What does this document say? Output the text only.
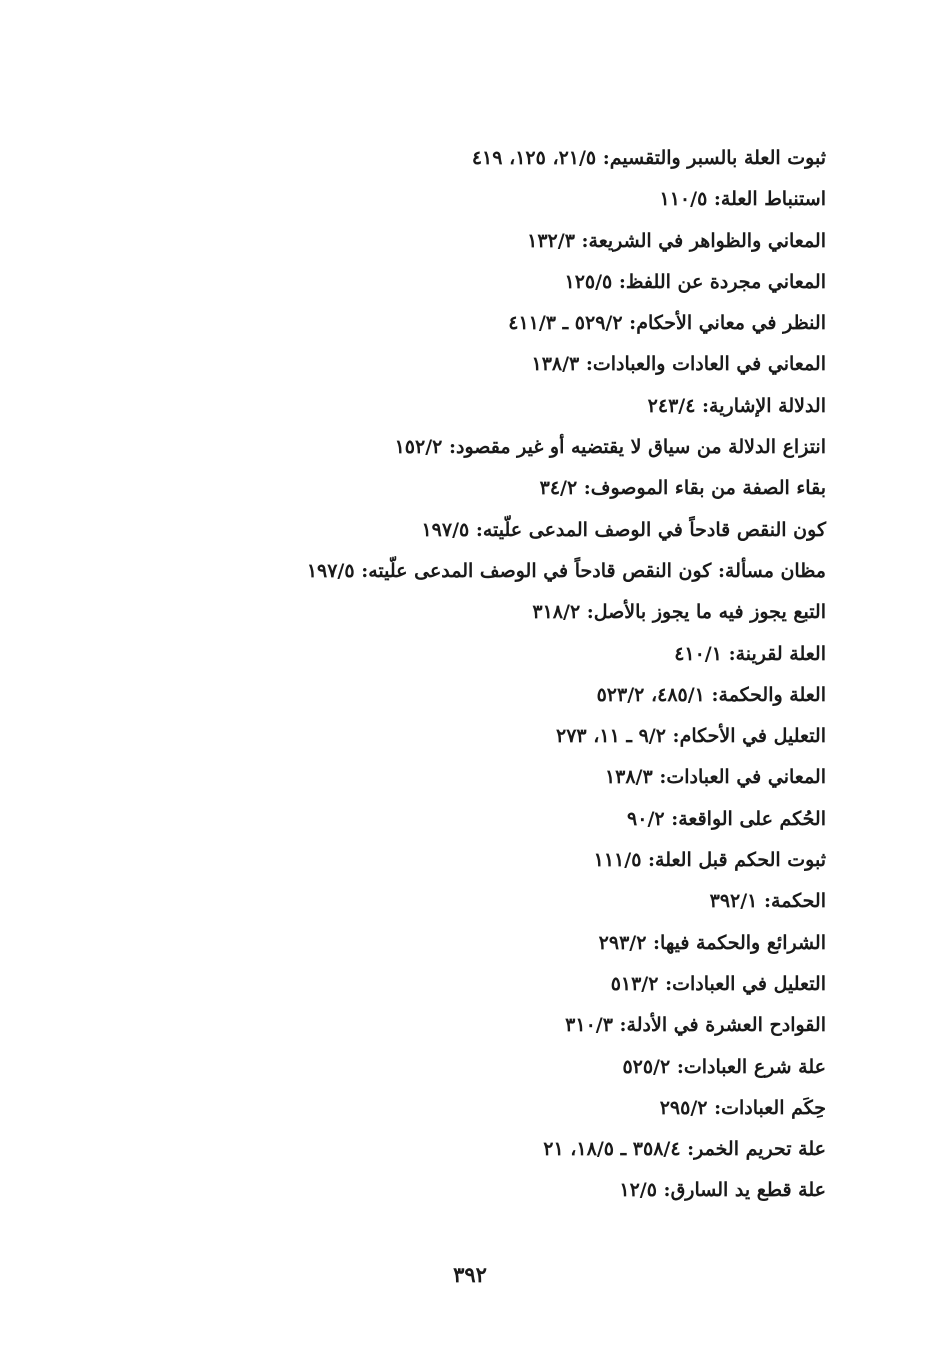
ثبوت العلة بالسبر والتقسيم: ٢١/٥، ١٢٥، ٤١٩
استنباط العلة: ١١٠/٥
المعاني والظواهر في الشريعة: ١٣٢/٣
المعاني مجردة عن اللفظ: ١٢٥/٥
النظر في معاني الأحكام: ٥٢٩/٢ ـ ٤١١/٣
المعاني في العادات والعبادات: ١٣٨/٣
الدلالة الإشارية: ٢٤٣/٤
انتزاع الدلالة من سياق لا يقتضيه أو غير مقصود: ١٥٢/٢
بقاء الصفة من بقاء الموصوف: ٣٤/٢
كون النقص قادحاً في الوصف المدعى علّيته: ١٩٧/٥
مظان مسألة: كون النقص قادحاً في الوصف المدعى علّيته: ١٩٧/٥
التبع يجوز فيه ما يجوز بالأصل: ٣١٨/٢
العلة لقرينة: ٤١٠/١
العلة والحكمة: ٤٨٥/١، ٥٢٣/٢
التعليل في الأحكام: ٩/٢ ـ ١١، ٢٧٣
المعاني في العبادات: ١٣٨/٣
الحُكم على الواقعة: ٩٠/٢
ثبوت الحكم قبل العلة: ١١١/٥
الحكمة: ٣٩٢/١
الشرائع والحكمة فيها: ٢٩٣/٢
التعليل في العبادات: ٥١٣/٢
القوادح العشرة في الأدلة: ٣١٠/٣
علة شرع العبادات: ٥٢٥/٢
حِكَم العبادات: ٢٩٥/٢
علة تحريم الخمر: ٣٥٨/٤ ـ ١٨/٥، ٢١
علة قطع يد السارق: ١٢/٥
٣٩٢
